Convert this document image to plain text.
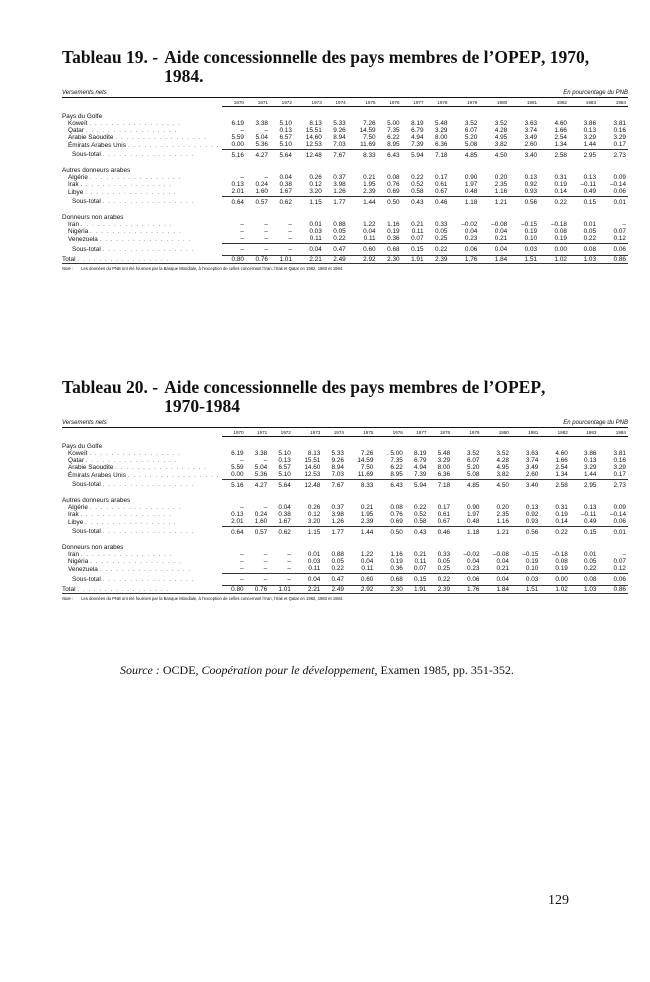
Tableau 19. - Aide concessionnelle des pays membres de l’OPEP, 1970,
1984.
Versements nets	En pourcentage du PNB
	1970	1971	1972	1973	1974	1975	1976	1977	1978	1979	1980	1981	1982	1983	1984
Pays du Golfe															
Koweït . . . . . . . . . . . . . . . . .	6.19	3.38	5.10	8.13	5.33	7.26	5.00	8.19	5.48	3.52	3.52	3.63	4.60	3.86	3.81
Qatar . . . . . . . . . . . . . . . . .	–	–	0.13	15.51	9.26	14.59	7.35	6.79	3.29	6.07	4.28	3.74	1.66	0.13	0.16
Arabie Saoudite . . . . . . . . . . . . . . . . .	5.59	5.04	6.57	14.60	8.94	7.50	6.22	4.94	8.00	5.20	4.95	3.49	2.54	3.29	3.29
Émirats Arabes Unis . . . . . . . . . . . . . . . . .	0.00	5.36	5.10	12.53	7.03	11.69	8.95	7.39	6.36	5.08	3.82	2.60	1.34	1.44	0.17
Sous-total . . . . . . . . . . . . . . . . .	5.16	4.27	5.64	12.48	7.67	8.33	6.43	5.94	7.18	4.85	4.50	3.40	2.58	2.95	2.73
Autres donneurs arabes															
Algérie . . . . . . . . . . . . . . . . .	–	–	0.04	0.26	0.37	0.21	0.08	0.22	0.17	0.90	0.20	0.13	0.31	0.13	0.09
Irak . . . . . . . . . . . . . . . . .	0.13	0.24	0.38	0.12	3.98	1.95	0.76	0.52	0.61	1.97	2.35	0.92	0.19	–0.11	–0.14
Libye . . . . . . . . . . . . . . . . .	2.01	1.60	1.67	3.20	1.26	2.39	0.69	0.58	0.67	0.48	1.16	0.93	0.14	0.49	0.06
Sous-total . . . . . . . . . . . . . . . . .	0.64	0.57	0.62	1.15	1.77	1.44	0.50	0.43	0.46	1.18	1.21	0.56	0.22	0.15	0.01
Donneurs non arabes															
Iran . . . . . . . . . . . . . . . . .	–	–	–	0.01	0.88	1.22	1.16	0.21	0.33	–0.02	–0.08	–0.15	–0.18	0.01	–
Nigéria . . . . . . . . . . . . . . . . .	–	–	–	0.03	0.05	0.04	0.19	0.11	0.05	0.04	0.04	0.19	0.08	0.05	0.07
Venezuela . . . . . . . . . . . . . . . . .	–	–	–	0.11	0.22	0.11	0.36	0.07	0.25	0.23	0.21	0.10	0.19	0.22	0.12
Sous-total . . . . . . . . . . . . . . . . .	–	–	–	0.04	0.47	0.60	0.68	0.15	0.22	0.06	0.04	0.03	0.00	0.08	0.06
Total . . . . . . . . . . . . . . . . .	0.80	0.76	1.01	2.21	2.49	2.92	2.30	1.91	2.39	1.76	1.84	1.51	1.02	1.03	0.86
Note : Les données du PNB ont été fournies par la Banque Mondiale, à l’exception de celles concernant l’Iran, l’Irak et Qatar en 1982, 1983 et 1984.
Tableau 20. - Aide concessionnelle des pays membres de l’OPEP,
1970-1984
Versements nets	En pourcentage du PNB
	1970	1971	1972	1973	1974	1975	1976	1977	1978	1979	1980	1981	1982	1983	1984
Pays du Golfe															
Koweït . . . . . . . . . . . . . . . . .	6.19	3.38	5.10	8.13	5.33	7.26	. 5.00	8.19	5.48	3.52	3.52	3.63	4.60	3.86	3.81
Qatar . . . . . . . . . . . . . . . . .	–	–	0.13	15.51	9.26	14.59	7.35	6.79	3.29	6.07	4.28	3.74	1.66	0.13	0.16
Arabie Saoudite . . . . . . . . . . . . . . . . .	5.59	5.04	6.57	14.60	8.94	7.50	6.22	4.94	8.00	5.20	4.95	3.49	2.54	3.29	3.29
Émirats Arabes Unis . . . . . . . . . . . . . . . . .	0.00	5.36	5.10	12.53	7.03	11.69	8.95	7.39	6.36	5.08	3.82	2.60	1.34	1.44	0.17
Sous-total . . . . . . . . . . . . . . . . .	5.16	4.27	5.64	12.48	7.67	8.33	6.43	5.94	7.18	4.85	4.50	3.40	2.58	2.95	2.73
Autres donneurs arabes															
Algérie . . . . . . . . . . . . . . . . .	–	–	0.04	0.26	0.37	0.21	0.08	0.22	0.17	0.90	0.20	0.13	0.31	0.13	0.09
Irak . . . . . . . . . . . . . . . . .	0.13	0.24	0.38	0.12	3.98	1.95	0.76	0.52	0.61	1.97	2.35	0.92	0.19	–0.11	–0.14
Libye . . . . . . . . . . . . . . . . .	2.01	1.60	1.67	3.20	1.26	2.39	0.69	0.58	0.67	0.48	1.16	0.93	0.14	0.49	0.06
Sous-total . . . . . . . . . . . . . . . . .	0.64	0.57	0.62	1.15	1.77	1.44	0.50	0.43	0.46	1.18	1.21	0.56	0.22	0.15	0.01
Donneurs non arabes															
Iran . . . . . . . . . . . . . . . . .	–	–	–	0.01	0.88	1.22	1.16	0.21	0.33	–0.02	–0.08	–0.15	–0.18	0.01	–
Nigéria . . . . . . . . . . . . . . . . .	–	–	–	0.03	0.05	0.04	0.19	0.11	0.05	0.04	0.04	0.19	0.08	0.05	0.07
Venezuela . . . . . . . . . . . . . . . . .	–	–	–	0.11	0.22	0.11	0.36	0.07	0.25	0.23	0.21	0.10	0.19	0.22	0.12
Sous-total . . . . . . . . . . . . . . . . .	–	–	–	0.04	0.47	0.60	0.68	0.15	0.22	0.06	0.04	0.03	0.00	0.08	0.06
Total . . . . . . . . . . . . . . . . .	0.80	0.76	1.01	2.21	2.49	2.92	2.30	1.91	2.39	1.76	1.84	1.51	1.02	1.03	0.86
Note : Les données du PNB ont été fournies par la Banque Mondiale, à l’exception de celles concernant l’Iran, l’Irak et Qatar en 1982, 1983 et 1984.
Source : OCDE, Coopération pour le développement, Examen 1985, pp. 351-352.
129
